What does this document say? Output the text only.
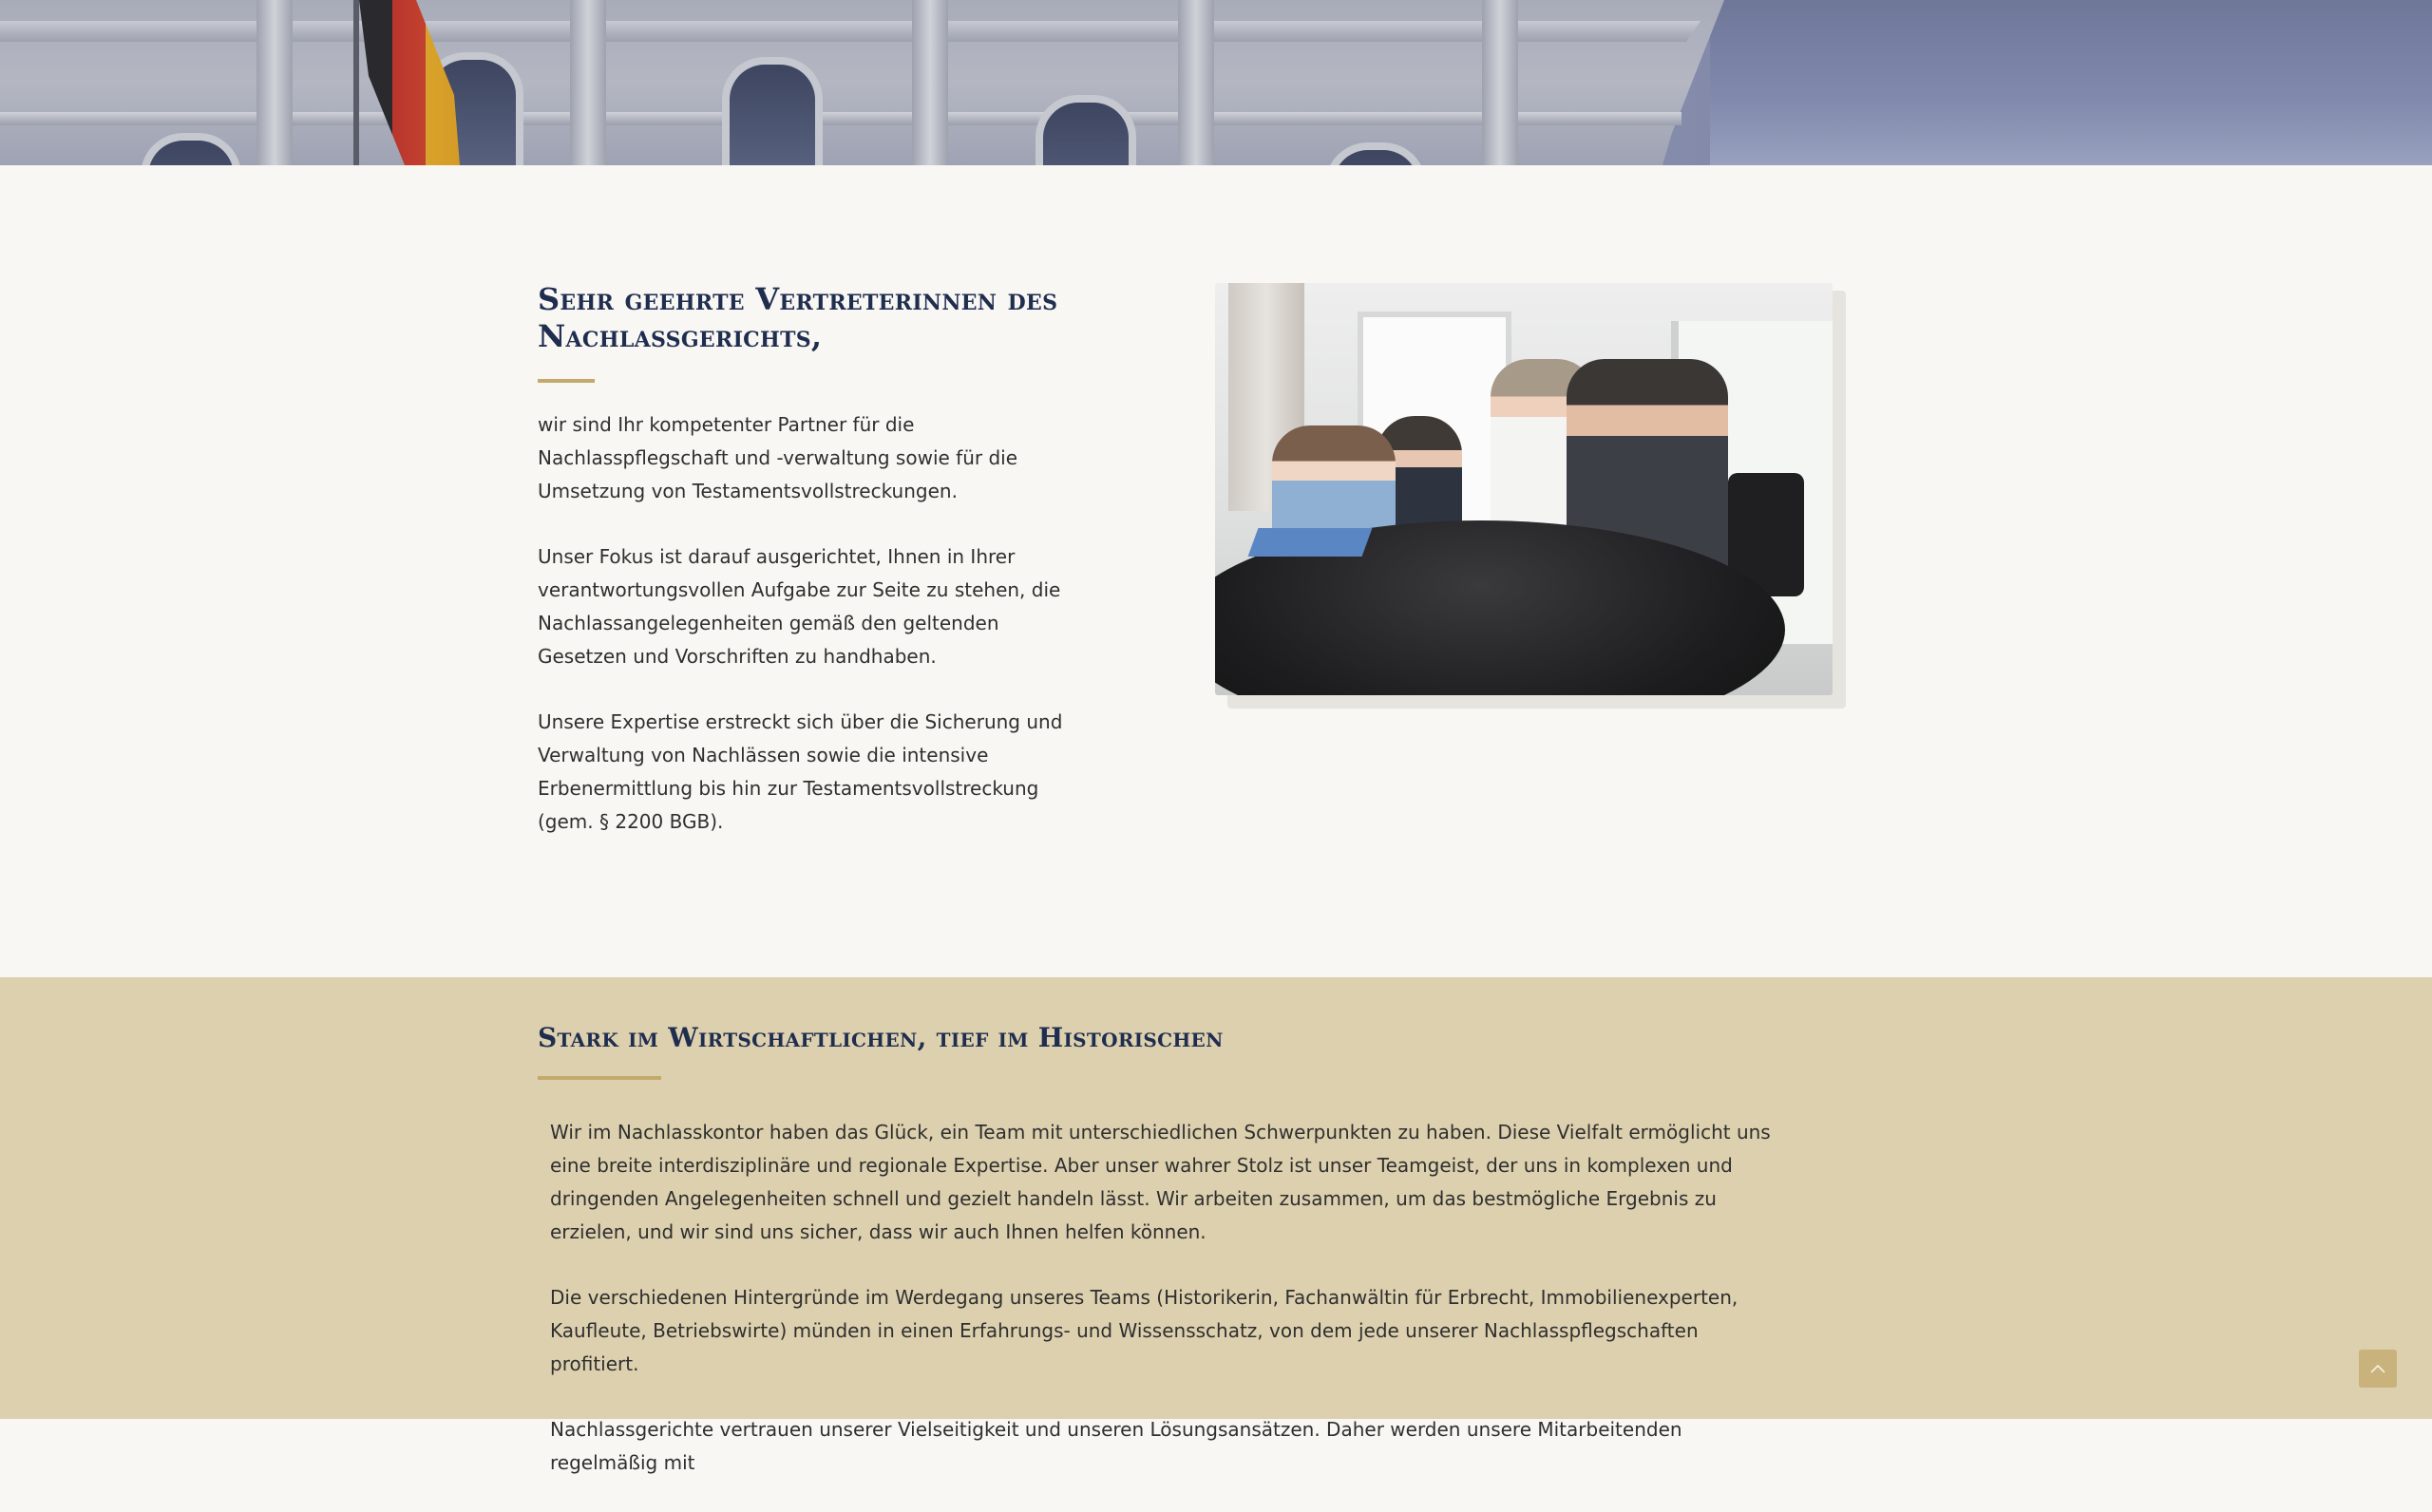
Sehr geehrte Vertreterinnen des Nachlassgerichts,

wir sind Ihr kompetenter Partner für die Nachlasspflegschaft und -verwaltung sowie für die Umsetzung von Testamentsvollstreckungen.

Unser Fokus ist darauf ausgerichtet, Ihnen in Ihrer verantwortungsvollen Aufgabe zur Seite zu stehen, die Nachlassangelegenheiten gemäß den geltenden Gesetzen und Vorschriften zu handhaben.

Unsere Expertise erstreckt sich über die Sicherung und Verwaltung von Nachlässen sowie die intensive Erbenermittlung bis hin zur Testamentsvollstreckung (gem. § 2200 BGB).

Stark im Wirtschaftlichen, tief im Historischen

Wir im Nachlasskontor haben das Glück, ein Team mit unterschiedlichen Schwerpunkten zu haben. Diese Vielfalt ermöglicht uns eine breite interdisziplinäre und regionale Expertise. Aber unser wahrer Stolz ist unser Teamgeist, der uns in komplexen und dringenden Angelegenheiten schnell und gezielt handeln lässt. Wir arbeiten zusammen, um das bestmögliche Ergebnis zu erzielen, und wir sind uns sicher, dass wir auch Ihnen helfen können.

Die verschiedenen Hintergründe im Werdegang unseres Teams (Historikerin, Fachanwältin für Erbrecht, Immobilienexperten, Kaufleute, Betriebswirte) münden in einen Erfahrungs- und Wissensschatz, von dem jede unserer Nachlasspflegschaften profitiert.

Nachlassgerichte vertrauen unserer Vielseitigkeit und unseren Lösungsansätzen. Daher werden unsere Mitarbeitenden regelmäßig mit
